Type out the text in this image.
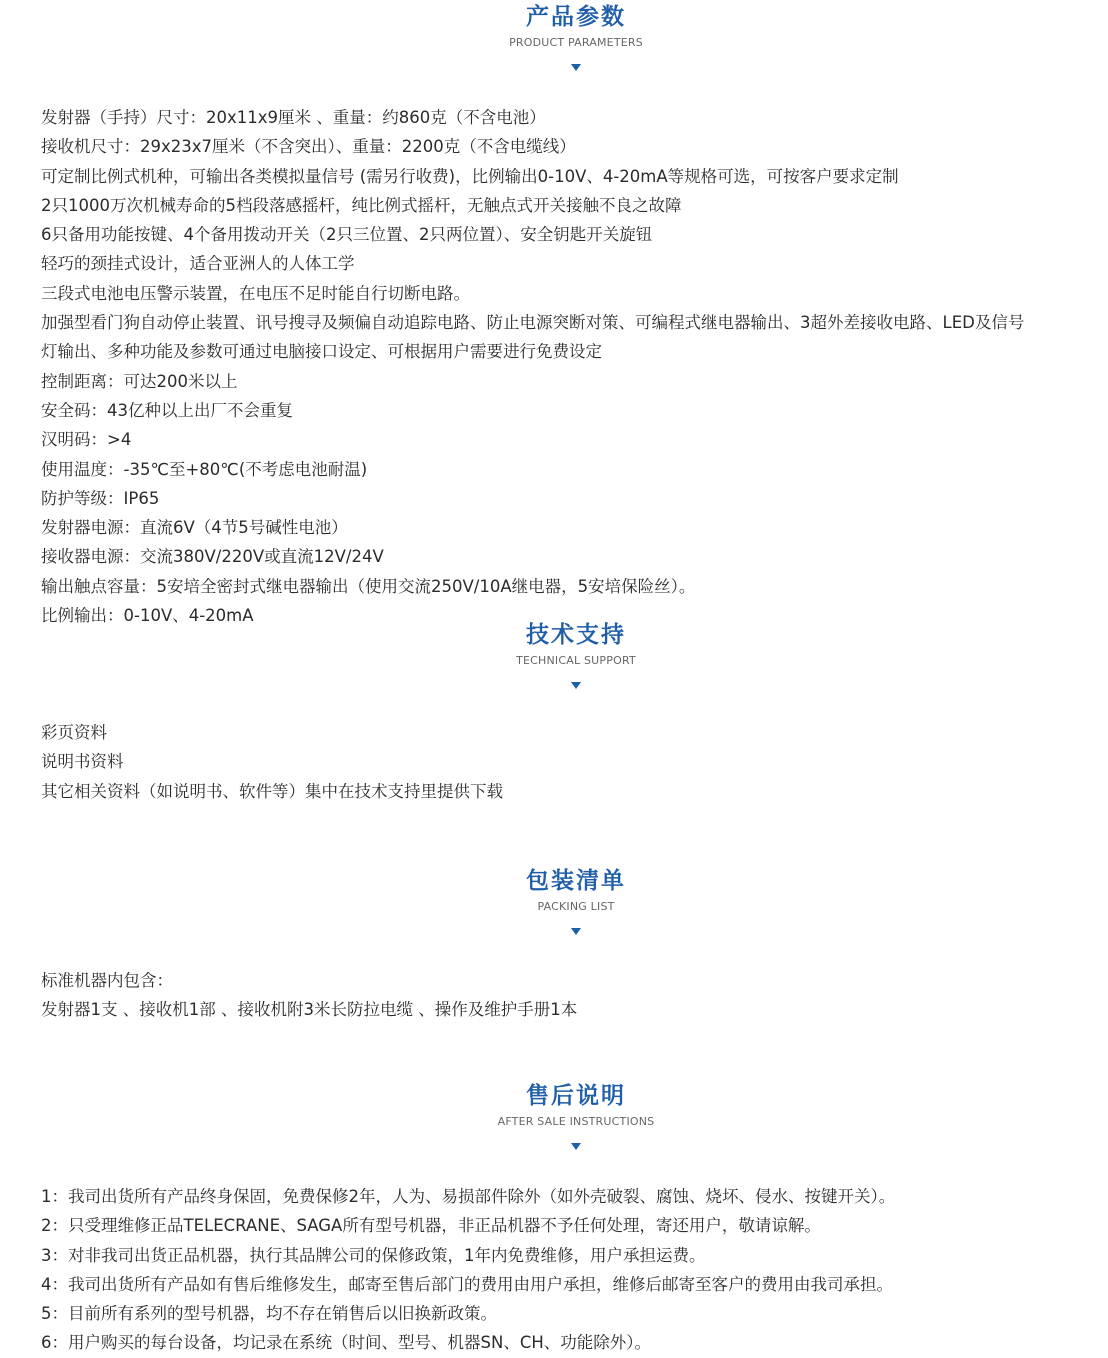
产品参数
PRODUCT PARAMETERS
发射器（手持）尺寸：20x11x9厘米 、重量：约860克（不含电池）
接收机尺寸：29x23x7厘米（不含突出）、重量：2200克（不含电缆线）
可定制比例式机种，可输出各类模拟量信号 (需另行收费)，比例输出0-10V、4-20mA等规格可选，可按客户要求定制
2只1000万次机械寿命的5档段落感摇杆，纯比例式摇杆，无触点式开关接触不良之故障
6只备用功能按键、4个备用拨动开关（2只三位置、2只两位置）、安全钥匙开关旋钮
轻巧的颈挂式设计，适合亚洲人的人体工学
三段式电池电压警示装置，在电压不足时能自行切断电路。
加强型看门狗自动停止装置、讯号搜寻及频偏自动追踪电路、防止电源突断对策、可编程式继电器输出、3超外差接收电路、LED及信号
灯输出、多种功能及参数可通过电脑接口设定、可根据用户需要进行免费设定
控制距离：可达200米以上
安全码：43亿种以上出厂不会重复
汉明码：>4
使用温度：-35℃至+80℃(不考虑电池耐温)
防护等级：IP65
发射器电源：直流6V（4节5号碱性电池）
接收器电源：交流380V/220V或直流12V/24V
输出触点容量：5安培全密封式继电器输出（使用交流250V/10A继电器，5安培保险丝）。
比例输出：0-10V、4-20mA
技术支持
TECHNICAL SUPPORT
彩页资料
说明书资料
其它相关资料（如说明书、软件等）集中在技术支持里提供下载
包装清单
PACKING LIST
标准机器内包含：
发射器1支 、接收机1部 、接收机附3米长防拉电缆 、操作及维护手册1本
售后说明
AFTER SALE INSTRUCTIONS
1：我司出货所有产品终身保固，免费保修2年，人为、易损部件除外（如外壳破裂、腐蚀、烧坏、侵水、按键开关）。
2：只受理维修正品TELECRANE、SAGA所有型号机器，非正品机器不予任何处理，寄还用户，敬请谅解。
3：对非我司出货正品机器，执行其品牌公司的保修政策，1年内免费维修，用户承担运费。
4：我司出货所有产品如有售后维修发生，邮寄至售后部门的费用由用户承担，维修后邮寄至客户的费用由我司承担。
5：目前所有系列的型号机器，均不存在销售后以旧换新政策。
6：用户购买的每台设备，均记录在系统（时间、型号、机器SN、CH、功能除外）。
